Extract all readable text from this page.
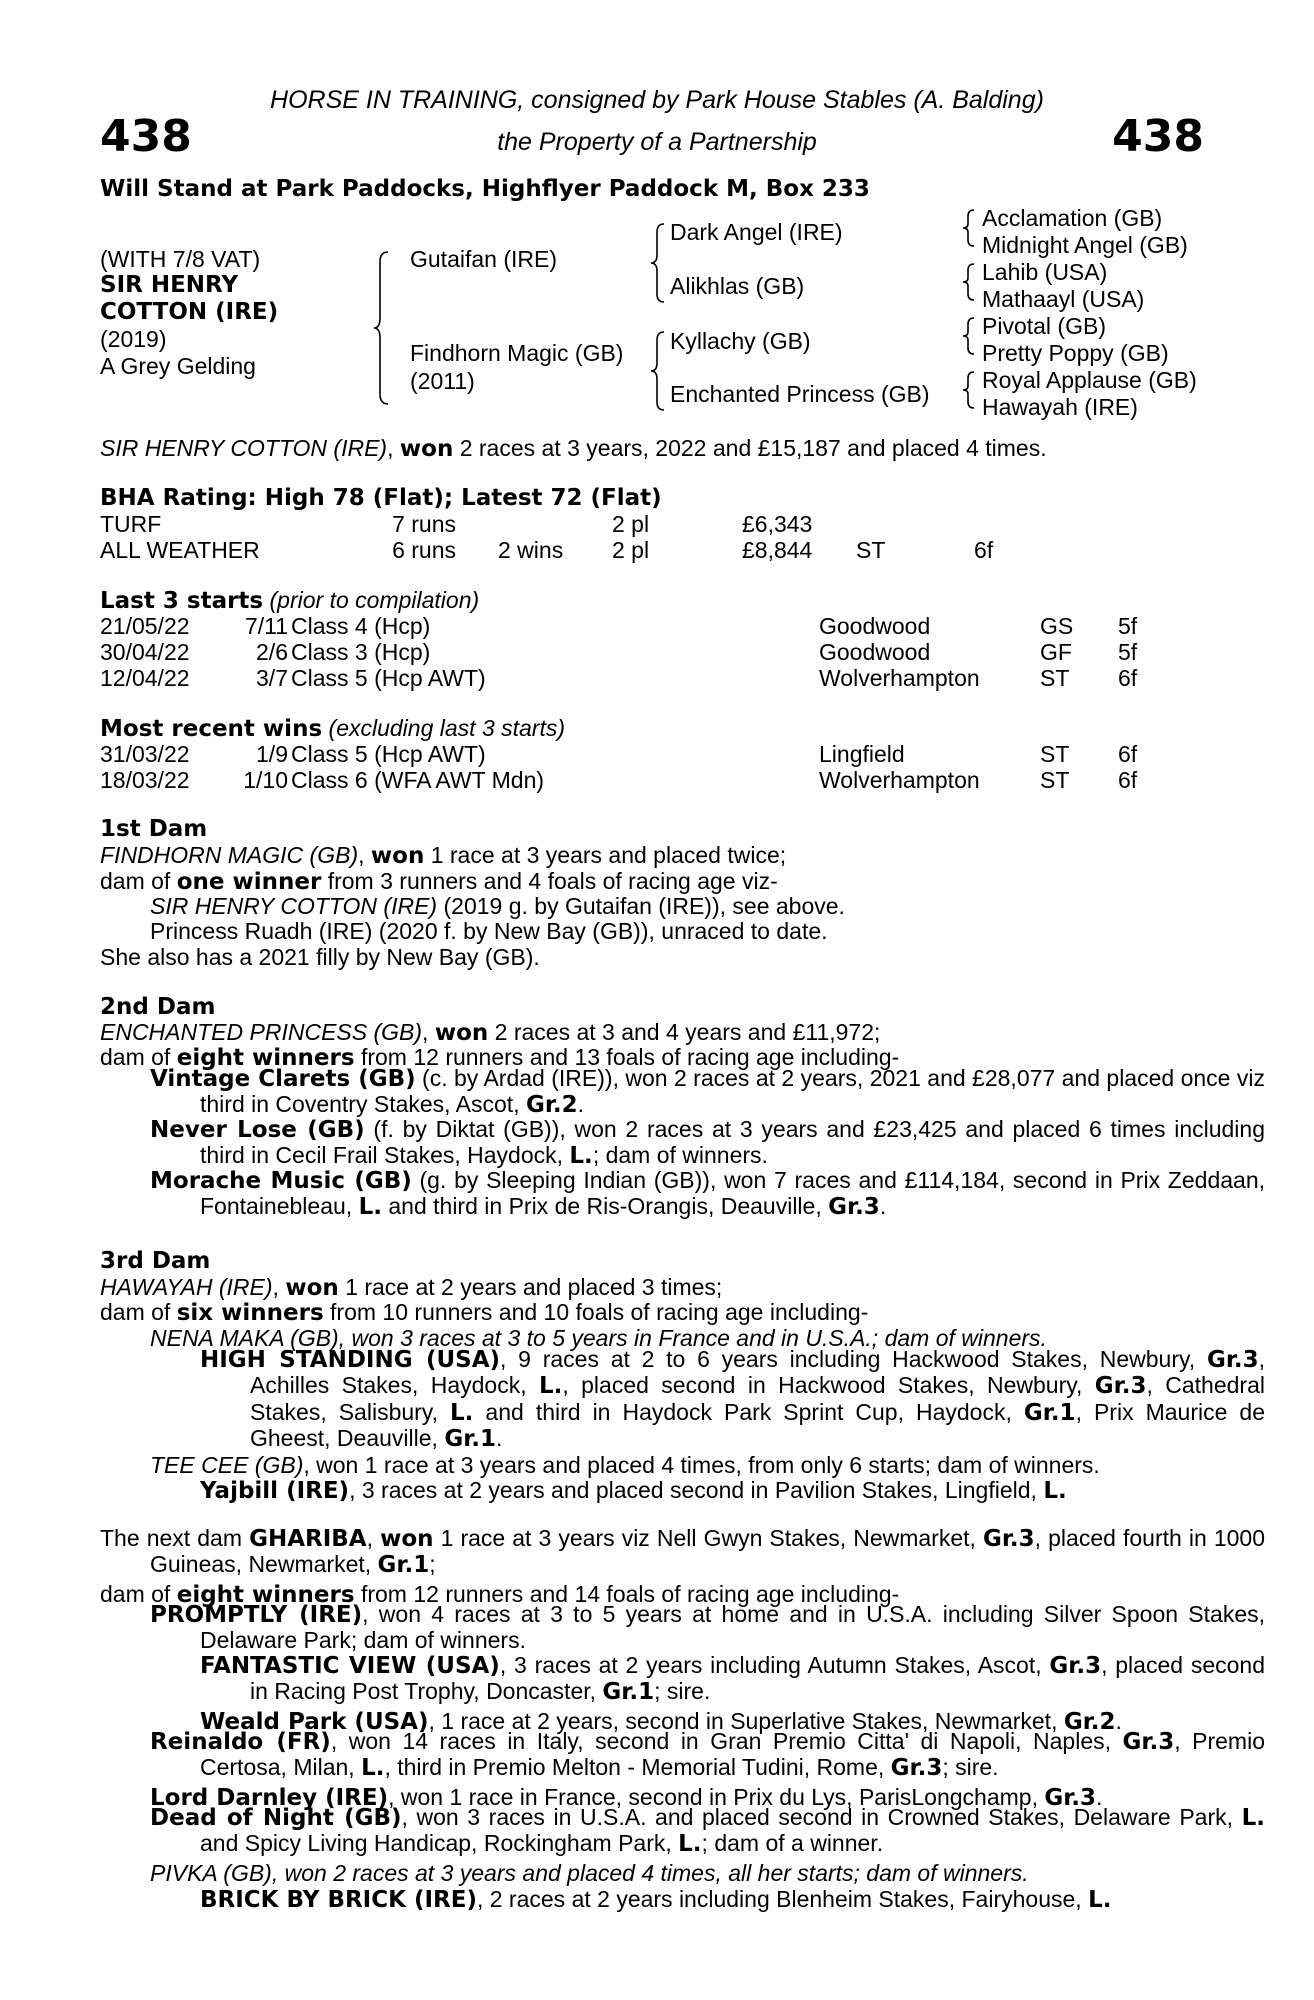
HORSE IN TRAINING, consigned by Park House Stables (A. Balding)
438	the Property of a Partnership	438
Will Stand at Park Paddocks, Highflyer Paddock M, Box 233
(WITH 7/8 VAT)
SIR HENRY
COTTON (IRE)
(2019)
A Grey Gelding
Gutaifan (IRE)
Findhorn Magic (GB)
(2011)
Dark Angel (IRE)
Alikhlas (GB)
Kyllachy (GB)
Enchanted Princess (GB)
Acclamation (GB)
Midnight Angel (GB)
Lahib (USA)
Mathaayl (USA)
Pivotal (GB)
Pretty Poppy (GB)
Royal Applause (GB)
Hawayah (IRE)
SIR HENRY COTTON (IRE), won 2 races at 3 years, 2022 and £15,187 and placed 4 times.
BHA Rating: High 78 (Flat); Latest 72 (Flat)
TURF	7 runs	2 pl	£6,343
ALL WEATHER	6 runs 2 wins 2 pl	£8,844 ST	6f
Last 3 starts (prior to compilation)
21/05/22	7/11 Class 4 (Hcp)	Goodwood	GS 5f
30/04/22	2/6 Class 3 (Hcp)	Goodwood	GF 5f
12/04/22	3/7 Class 5 (Hcp AWT)	Wolverhampton	ST 6f
Most recent wins (excluding last 3 starts)
31/03/22	1/9 Class 5 (Hcp AWT)	Lingfield	ST 6f
18/03/22	1/10 Class 6 (WFA AWT Mdn)	Wolverhampton	ST 6f
1st Dam
FINDHORN MAGIC (GB), won 1 race at 3 years and placed twice;
dam of one winner from 3 runners and 4 foals of racing age viz-
SIR HENRY COTTON (IRE) (2019 g. by Gutaifan (IRE)), see above.
Princess Ruadh (IRE) (2020 f. by New Bay (GB)), unraced to date.
She also has a 2021 filly by New Bay (GB).
2nd Dam
ENCHANTED PRINCESS (GB), won 2 races at 3 and 4 years and £11,972;
dam of eight winners from 12 runners and 13 foals of racing age including-
Vintage Clarets (GB) (c. by Ardad (IRE)), won 2 races at 2 years, 2021 and £28,077 and placed once viz third in Coventry Stakes, Ascot, Gr.2.
Never Lose (GB) (f. by Diktat (GB)), won 2 races at 3 years and £23,425 and placed 6 times including third in Cecil Frail Stakes, Haydock, L.; dam of winners.
Morache Music (GB) (g. by Sleeping Indian (GB)), won 7 races and £114,184, second in Prix Zeddaan, Fontainebleau, L. and third in Prix de Ris-Orangis, Deauville, Gr.3.
3rd Dam
HAWAYAH (IRE), won 1 race at 2 years and placed 3 times;
dam of six winners from 10 runners and 10 foals of racing age including-
NENA MAKA (GB), won 3 races at 3 to 5 years in France and in U.S.A.; dam of winners.
HIGH STANDING (USA), 9 races at 2 to 6 years including Hackwood Stakes, Newbury, Gr.3, Achilles Stakes, Haydock, L., placed second in Hackwood Stakes, Newbury, Gr.3, Cathedral Stakes, Salisbury, L. and third in Haydock Park Sprint Cup, Haydock, Gr.1, Prix Maurice de Gheest, Deauville, Gr.1.
TEE CEE (GB), won 1 race at 3 years and placed 4 times, from only 6 starts; dam of winners.
Yajbill (IRE), 3 races at 2 years and placed second in Pavilion Stakes, Lingfield, L.
The next dam GHARIBA, won 1 race at 3 years viz Nell Gwyn Stakes, Newmarket, Gr.3, placed fourth in 1000 Guineas, Newmarket, Gr.1;
dam of eight winners from 12 runners and 14 foals of racing age including-
PROMPTLY (IRE), won 4 races at 3 to 5 years at home and in U.S.A. including Silver Spoon Stakes, Delaware Park; dam of winners.
FANTASTIC VIEW (USA), 3 races at 2 years including Autumn Stakes, Ascot, Gr.3, placed second in Racing Post Trophy, Doncaster, Gr.1; sire.
Weald Park (USA), 1 race at 2 years, second in Superlative Stakes, Newmarket, Gr.2.
Reinaldo (FR), won 14 races in Italy, second in Gran Premio Citta' di Napoli, Naples, Gr.3, Premio Certosa, Milan, L., third in Premio Melton - Memorial Tudini, Rome, Gr.3; sire.
Lord Darnley (IRE), won 1 race in France, second in Prix du Lys, ParisLongchamp, Gr.3.
Dead of Night (GB), won 3 races in U.S.A. and placed second in Crowned Stakes, Delaware Park, L. and Spicy Living Handicap, Rockingham Park, L.; dam of a winner.
PIVKA (GB), won 2 races at 3 years and placed 4 times, all her starts; dam of winners.
BRICK BY BRICK (IRE), 2 races at 2 years including Blenheim Stakes, Fairyhouse, L.
